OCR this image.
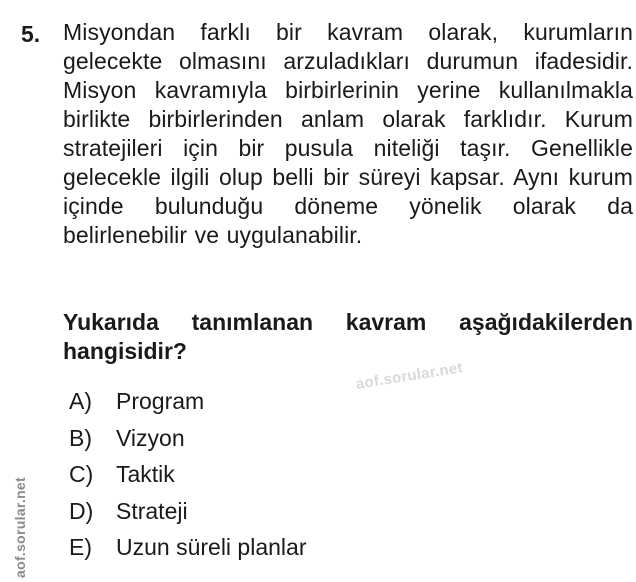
5. Misyondan farklı bir kavram olarak, kurumların gelecekte olmasını arzuladıkları durumun ifadesidir. Misyon kavramıyla birbirlerinin yerine kullanılmakla birlikte birbirlerinden anlam olarak farklıdır. Kurum stratejileri için bir pusula niteliği taşır. Genellikle gelecekle ilgili olup belli bir süreyi kapsar. Aynı kurum içinde bulunduğu döneme yönelik olarak da belirlenebilir ve uygulanabilir.
Yukarıda tanımlanan kavram aşağıdakilerden hangisidir?
A)	Program
B)	Vizyon
C) Taktik
D) Strateji
E)	Uzun süreli planlar
aof.sorular.net
aof.sorular.net
